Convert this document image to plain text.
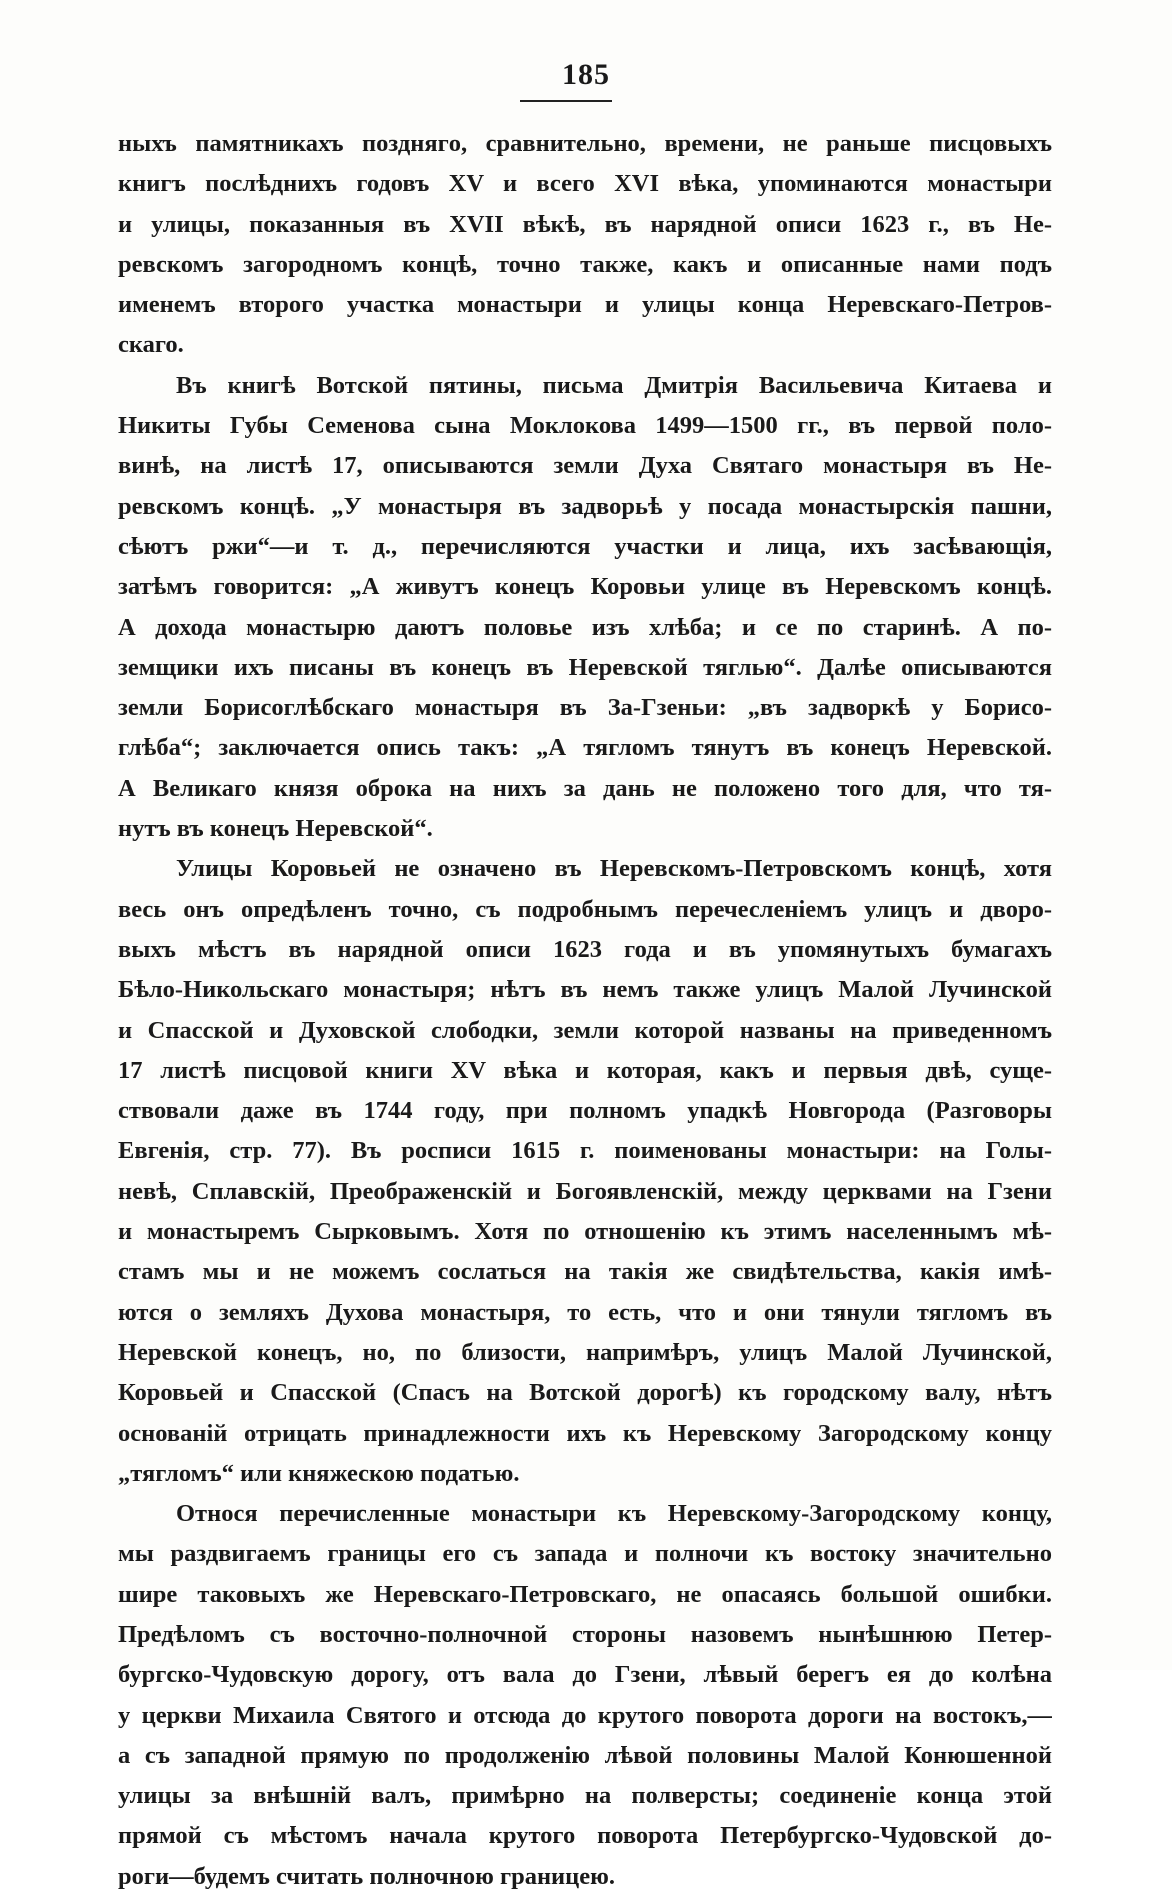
185
ныхъ памятникахъ позднягo, сравнительно, времени, не раньше писцовыхъ
книгъ послѣднихъ годовъ XV и всего XVI вѣка, упоминаются монастыри
и улицы, показанныя въ XVII вѣкѣ, въ нарядной описи 1623 г., въ Не-
ревскомъ загородномъ концѣ, точно также, какъ и описанные нами подъ
именемъ второго участка монастыри и улицы конца Неревскаго-Петров-
скаго.
Въ книгѣ Вотской пятины, письма Дмитрія Васильевича Китаева и
Никиты Губы Семенова сына Моклокова 1499—1500 гг., въ первой поло-
винѣ, на листѣ 17, описываются земли Духа Святаго монастыря въ Не-
ревскомъ концѣ. „У монастыря въ задворьѣ у посада монастырскія пашни,
сѣютъ ржи“—и т. д., перечисляются участки и лица, ихъ засѣвающія,
затѣмъ говорится: „А живутъ конецъ Коровьи улице въ Неревскомъ концѣ.
А дохода монастырю даютъ половье изъ хлѣба; и се по старинѣ. А по-
земщики ихъ писаны въ конецъ въ Неревской тяглью“. Далѣе описываются
земли Борисоглѣбскаго монастыря въ За-Гзеньи: „въ задворкѣ у Борисо-
глѣба“; заключается опись такъ: „А тягломъ тянутъ въ конецъ Неревской.
А Великаго князя оброка на нихъ за дань не положено того для, что тя-
нутъ въ конецъ Неревской“.
Улицы Коровьей не означено въ Неревскомъ-Петровскомъ концѣ, хотя
весь онъ опредѣленъ точно, съ подробнымъ перечесленіемъ улицъ и дворо-
выхъ мѣстъ въ нарядной описи 1623 года и въ упомянутыхъ бумагахъ
Бѣло-Никольскаго монастыря; нѣтъ въ немъ также улицъ Малой Лучинской
и Спасской и Духовской слободки, земли которой названы на приведенномъ
17 листѣ писцовой книги XV вѣка и которая, какъ и первыя двѣ, суще-
ствовали даже въ 1744 году, при полномъ упадкѣ Новгорода (Разговоры
Евгенія, стр. 77). Въ росписи 1615 г. поименованы монастыри: на Голы-
невѣ, Сплавскій, Преображенскій и Богоявленскій, между церквами на Гзени
и монастыремъ Сырковымъ. Хотя по отношенію къ этимъ населеннымъ мѣ-
стамъ мы и не можемъ сослаться на такія же свидѣтельства, какія имѣ-
ются о земляхъ Духова монастыря, то есть, что и они тянули тягломъ въ
Неревской конецъ, но, по близости, напримѣръ, улицъ Малой Лучинской,
Коровьей и Спасской (Спасъ на Вотской дорогѣ) къ городскому валу, нѣтъ
основаній отрицать принадлежности ихъ къ Неревскому Загородскому концу
„тягломъ“ или княжескою податью.
Относя перечисленные монастыри къ Неревскому-Загородскому концу,
мы раздвигаемъ границы его съ запада и полночи къ востоку значительно
шире таковыхъ же Неревскаго-Петровскаго, не опасаясь большой ошибки.
Предѣломъ съ восточно-полночной стороны назовемъ нынѣшнюю Петер-
бургско-Чудовскую дорогу, отъ вала до Гзени, лѣвый берегъ ея до колѣна
у церкви Михаила Святого и отсюда до крутого поворота дороги на востокъ,—
а съ западной прямую по продолженію лѣвой половины Малой Конюшенной
улицы за внѣшній валъ, примѣрно на полверсты; соединеніе конца этой
прямой съ мѣстомъ начала крутого поворота Петербургско-Чудовской до-
роги—будемъ считать полночною границею.
